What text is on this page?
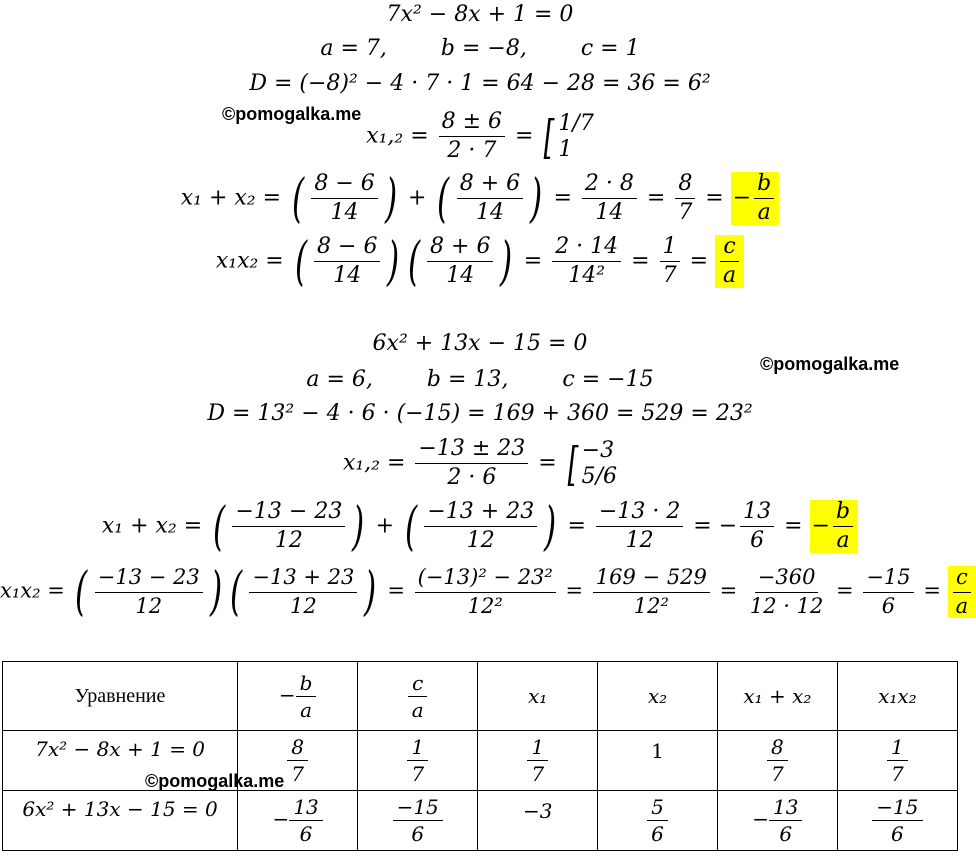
7x² − 8x + 1 = 0
a = 7, b = −8, c = 1
D = (−8)² − 4 · 7 · 1 = 64 − 28 = 36 = 6²
©pomogalka.me
$x_1,_2 = \frac{8 \pm 6}{2 \cdot 7}$ = [ 1/7
1
x₁ + x₂ = ( $\frac{8 - 6}{14}$ ) + ( $\frac{8 + 6}{14}$ ) = $\frac{2 \cdot 8}{14} = \frac{8}{7}$ = − $\frac{b}{a}$
x₁x₂ = ( $\frac{8 - 6}{14}$ ) ( $\frac{8 + 6}{14}$ ) = $\frac{2 \cdot 14}{\text{14²}} = \frac{1}{7} = \frac{c}{a}$
6x² + 13x − 15 = 0
©pomogalka.me
a = 6, b = 13, c = −15
D = 13² − 4 · 6 · (−15) = 169 + 360 = 529 = 23²
$x_1,_2 = \frac{-13 \pm 23}{2 \cdot 6}$ = [ −3
5/6
x₁ + x₂ = ( $\frac{-13 - 23}{12}$ ) + ( $\frac{-13 + 23}{12}$ ) = $\frac{-13 \cdot 2}{12}$ = − $\frac{13}{6}$ = − $\frac{b}{a}$
x₁x₂ = ( $\frac{-13 - 23}{12}$ ) ( $\frac{-13 + 23}{12}$ ) = $\frac{\text{(−13)² − 23²}}{\text{12²}} = \frac{169 - 529}{\text{12²}} = \frac{-360}{12 \cdot 12} = \frac{-15}{6} = \frac{c}{a}$
Уравнение	− $\frac{b}{a}$	$\frac{c}{a}$	x₁	x₂	x₁ + x₂	x₁x₂
7x² − 8x + 1 = 0	$\frac{8}{7}$	$\frac{1}{7}$	$\frac{1}{7}$	1	$\frac{8}{7}$	$\frac{1}{7}$

6x² + 13x − 15 = 0	− $\frac{13}{6}$	$\frac{-15}{6}$	−3	$\frac{5}{6}$	− $\frac{13}{6}$	$\frac{-15}{6}$
©pomogalka.me
